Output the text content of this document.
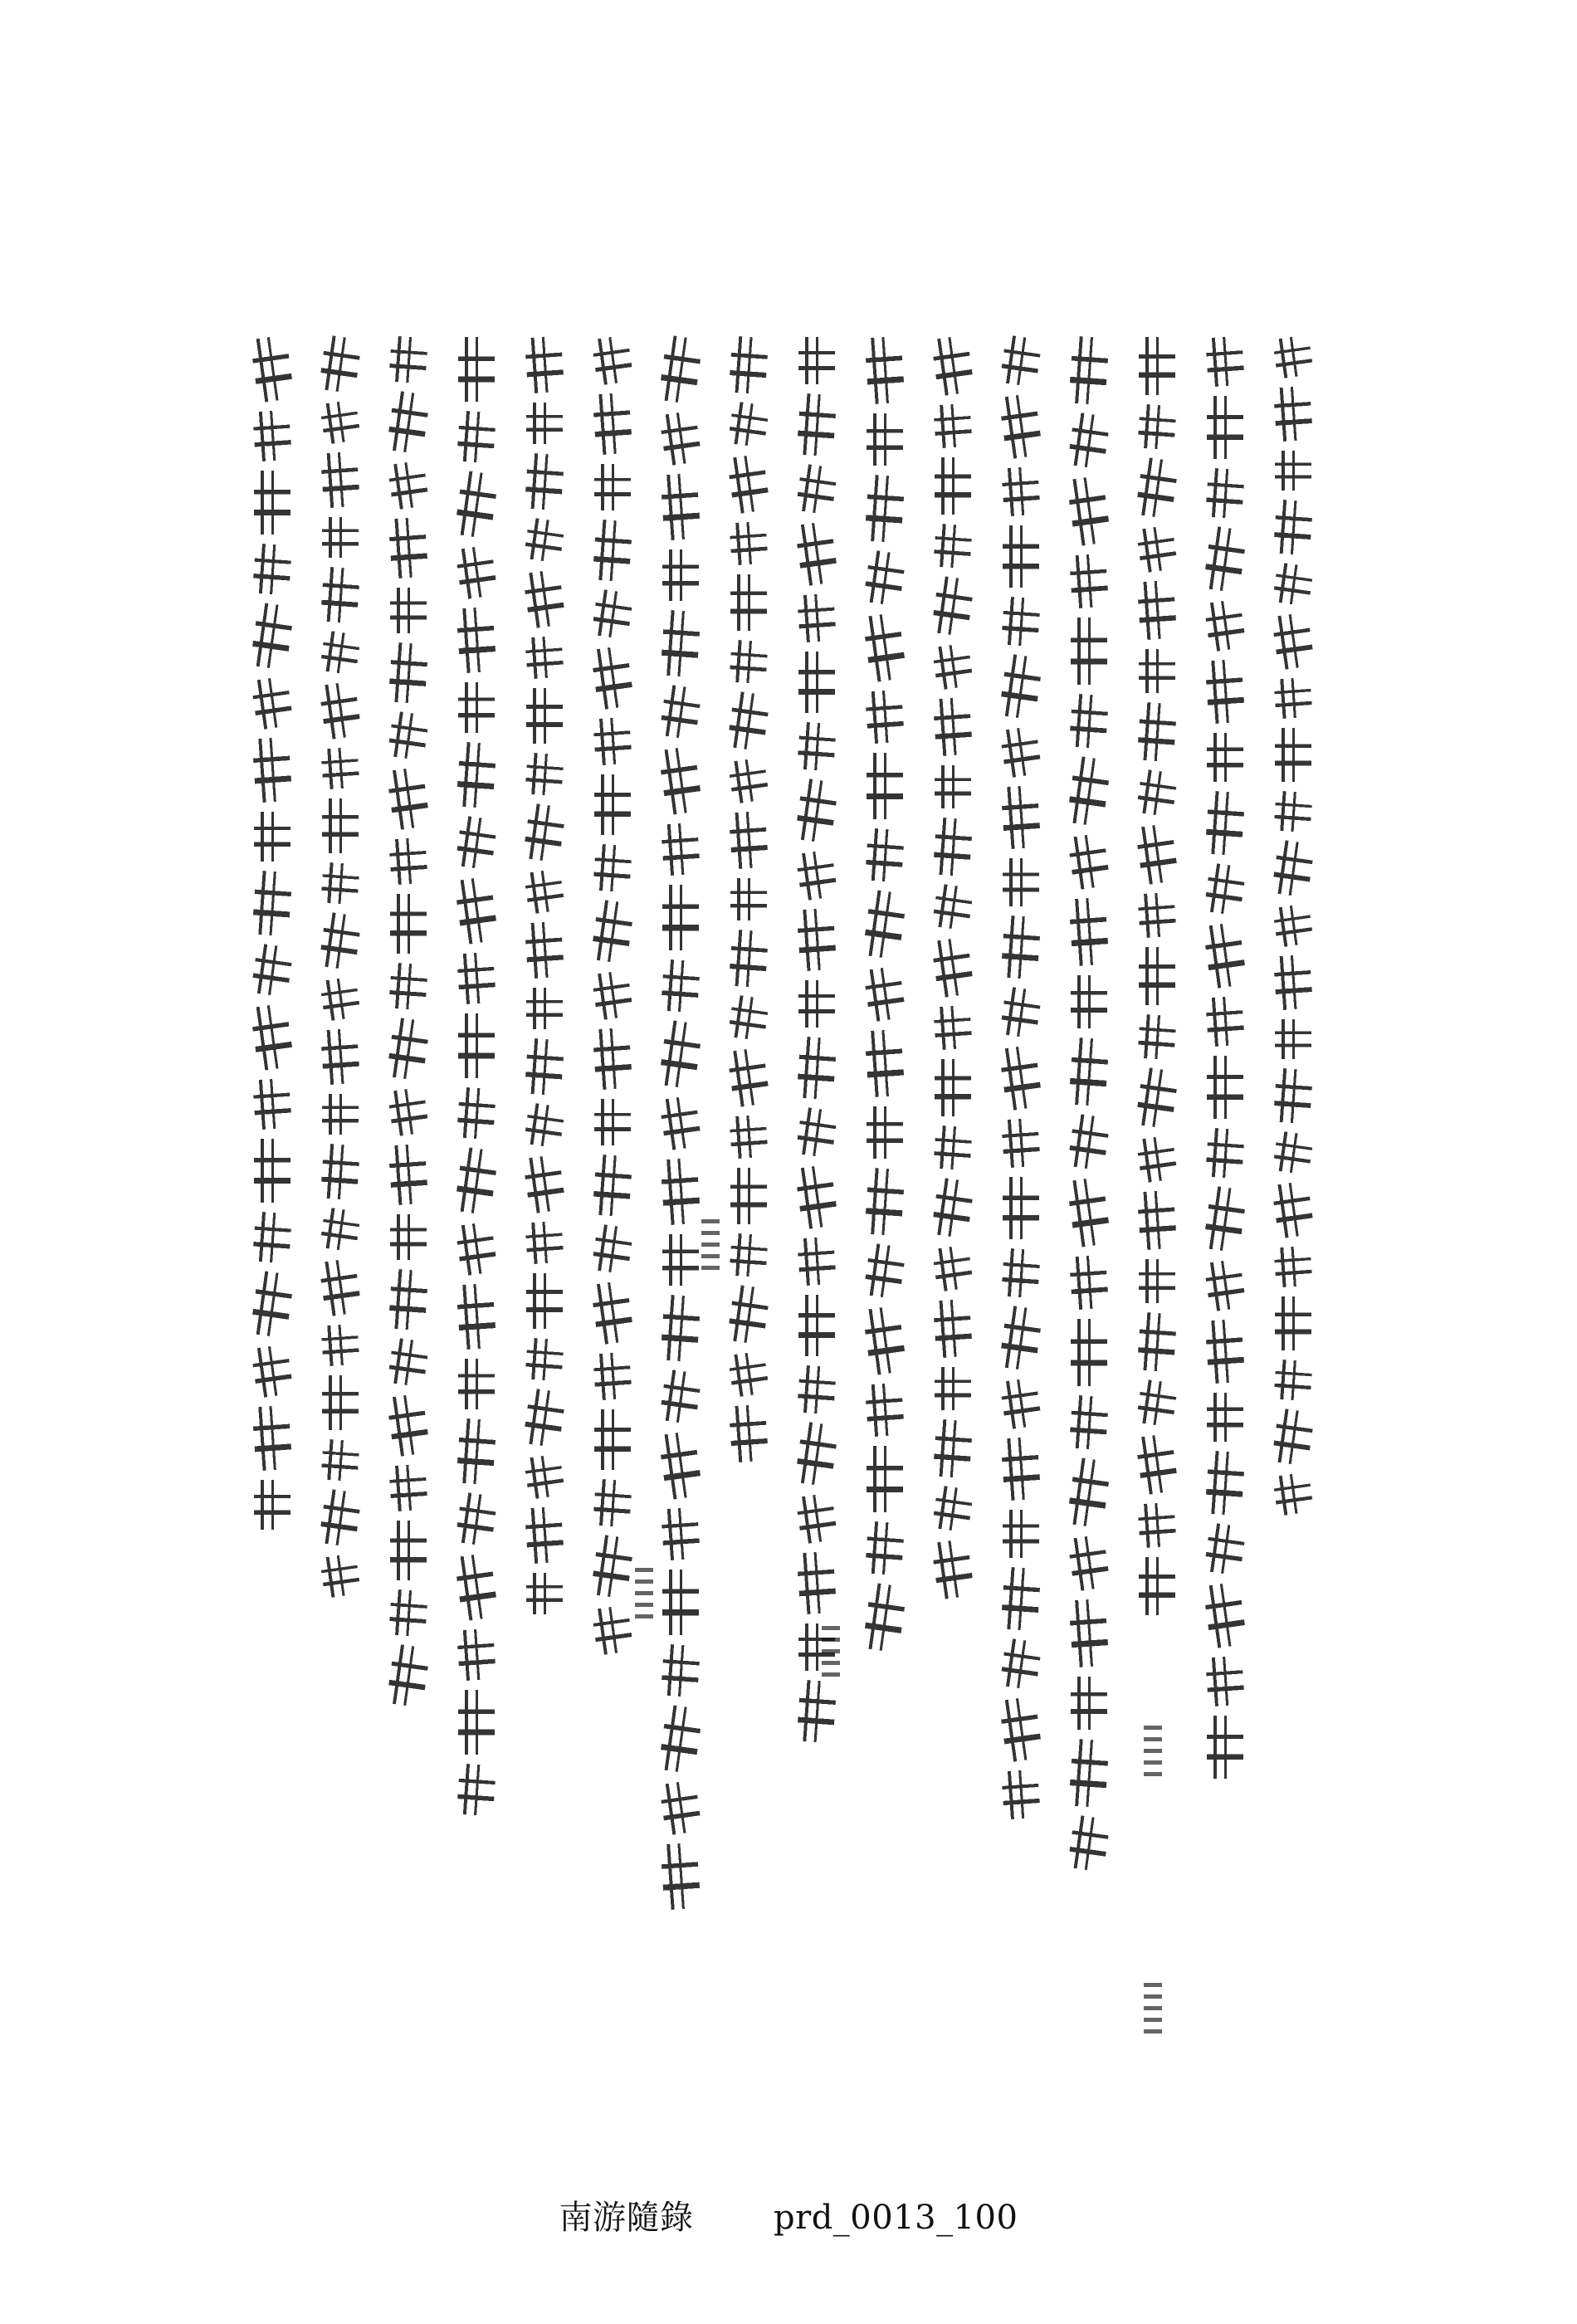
南游隨錄 prd_0013_100
